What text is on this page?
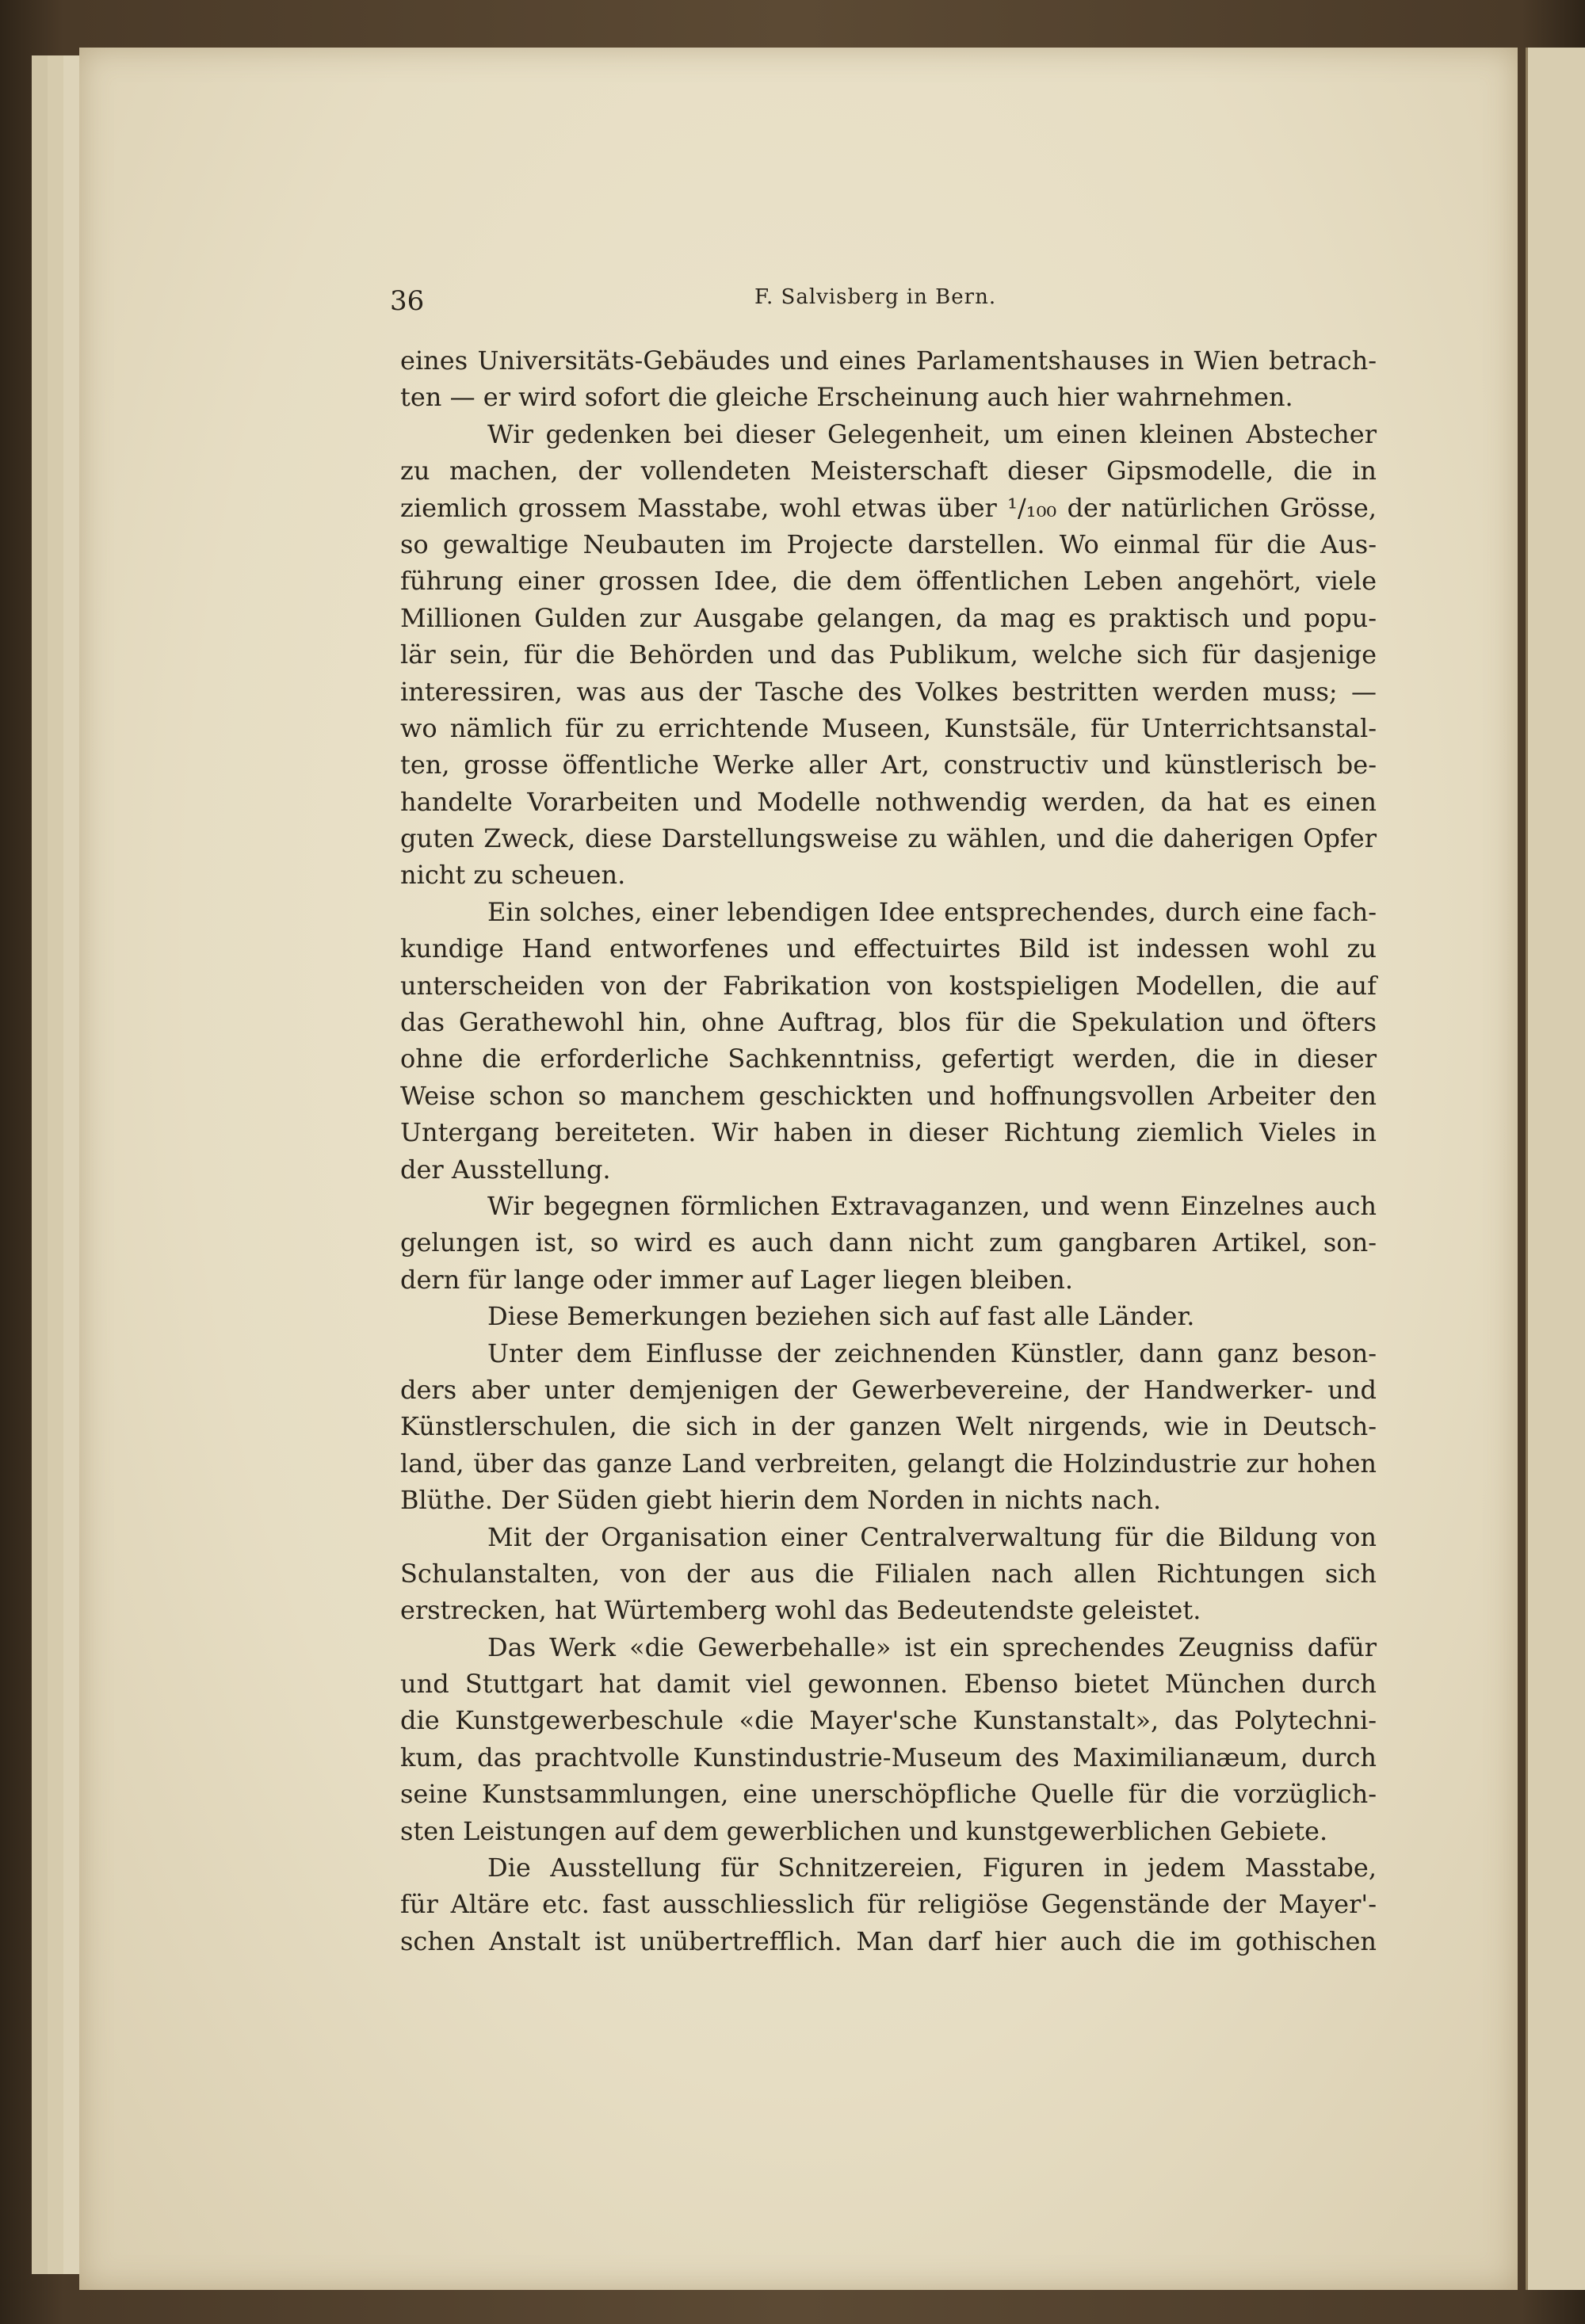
36	F. Salvisberg in Bern.
eines Universitäts-Gebäudes und eines Parlamentshauses in Wien betrach-
ten — er wird sofort die gleiche Erscheinung auch hier wahrnehmen.
Wir gedenken bei dieser Gelegenheit, um einen kleinen Abstecher
zu machen, der vollendeten Meisterschaft dieser Gipsmodelle, die in
ziemlich grossem Masstabe, wohl etwas über ¹/₁₀₀ der natürlichen Grösse,
so gewaltige Neubauten im Projecte darstellen. Wo einmal für die Aus-
führung einer grossen Idee, die dem öffentlichen Leben angehört, viele
Millionen Gulden zur Ausgabe gelangen, da mag es praktisch und popu-
lär sein, für die Behörden und das Publikum, welche sich für dasjenige
interessiren, was aus der Tasche des Volkes bestritten werden muss; —
wo nämlich für zu errichtende Museen, Kunstsäle, für Unterrichtsanstal-
ten, grosse öffentliche Werke aller Art, constructiv und künstlerisch be-
handelte Vorarbeiten und Modelle nothwendig werden, da hat es einen
guten Zweck, diese Darstellungsweise zu wählen, und die daherigen Opfer
nicht zu scheuen.
Ein solches, einer lebendigen Idee entsprechendes, durch eine fach-
kundige Hand entworfenes und effectuirtes Bild ist indessen wohl zu
unterscheiden von der Fabrikation von kostspieligen Modellen, die auf
das Gerathewohl hin, ohne Auftrag, blos für die Spekulation und öfters
ohne die erforderliche Sachkenntniss, gefertigt werden, die in dieser
Weise schon so manchem geschickten und hoffnungsvollen Arbeiter den
Untergang bereiteten. Wir haben in dieser Richtung ziemlich Vieles in
der Ausstellung.
Wir begegnen förmlichen Extravaganzen, und wenn Einzelnes auch
gelungen ist, so wird es auch dann nicht zum gangbaren Artikel, son-
dern für lange oder immer auf Lager liegen bleiben.
Diese Bemerkungen beziehen sich auf fast alle Länder.
Unter dem Einflusse der zeichnenden Künstler, dann ganz beson-
ders aber unter demjenigen der Gewerbevereine, der Handwerker- und
Künstlerschulen, die sich in der ganzen Welt nirgends, wie in Deutsch-
land, über das ganze Land verbreiten, gelangt die Holzindustrie zur hohen
Blüthe. Der Süden giebt hierin dem Norden in nichts nach.
Mit der Organisation einer Centralverwaltung für die Bildung von
Schulanstalten, von der aus die Filialen nach allen Richtungen sich
erstrecken, hat Würtemberg wohl das Bedeutendste geleistet.
Das Werk «die Gewerbehalle» ist ein sprechendes Zeugniss dafür
und Stuttgart hat damit viel gewonnen. Ebenso bietet München durch
die Kunstgewerbeschule «die Mayer'sche Kunstanstalt», das Polytechni-
kum, das prachtvolle Kunstindustrie-Museum des Maximilianæum, durch
seine Kunstsammlungen, eine unerschöpfliche Quelle für die vorzüglich-
sten Leistungen auf dem gewerblichen und kunstgewerblichen Gebiete.
Die Ausstellung für Schnitzereien, Figuren in jedem Masstabe,
für Altäre etc. fast ausschliesslich für religiöse Gegenstände der Mayer'-
schen Anstalt ist unübertrefflich. Man darf hier auch die im gothischen
